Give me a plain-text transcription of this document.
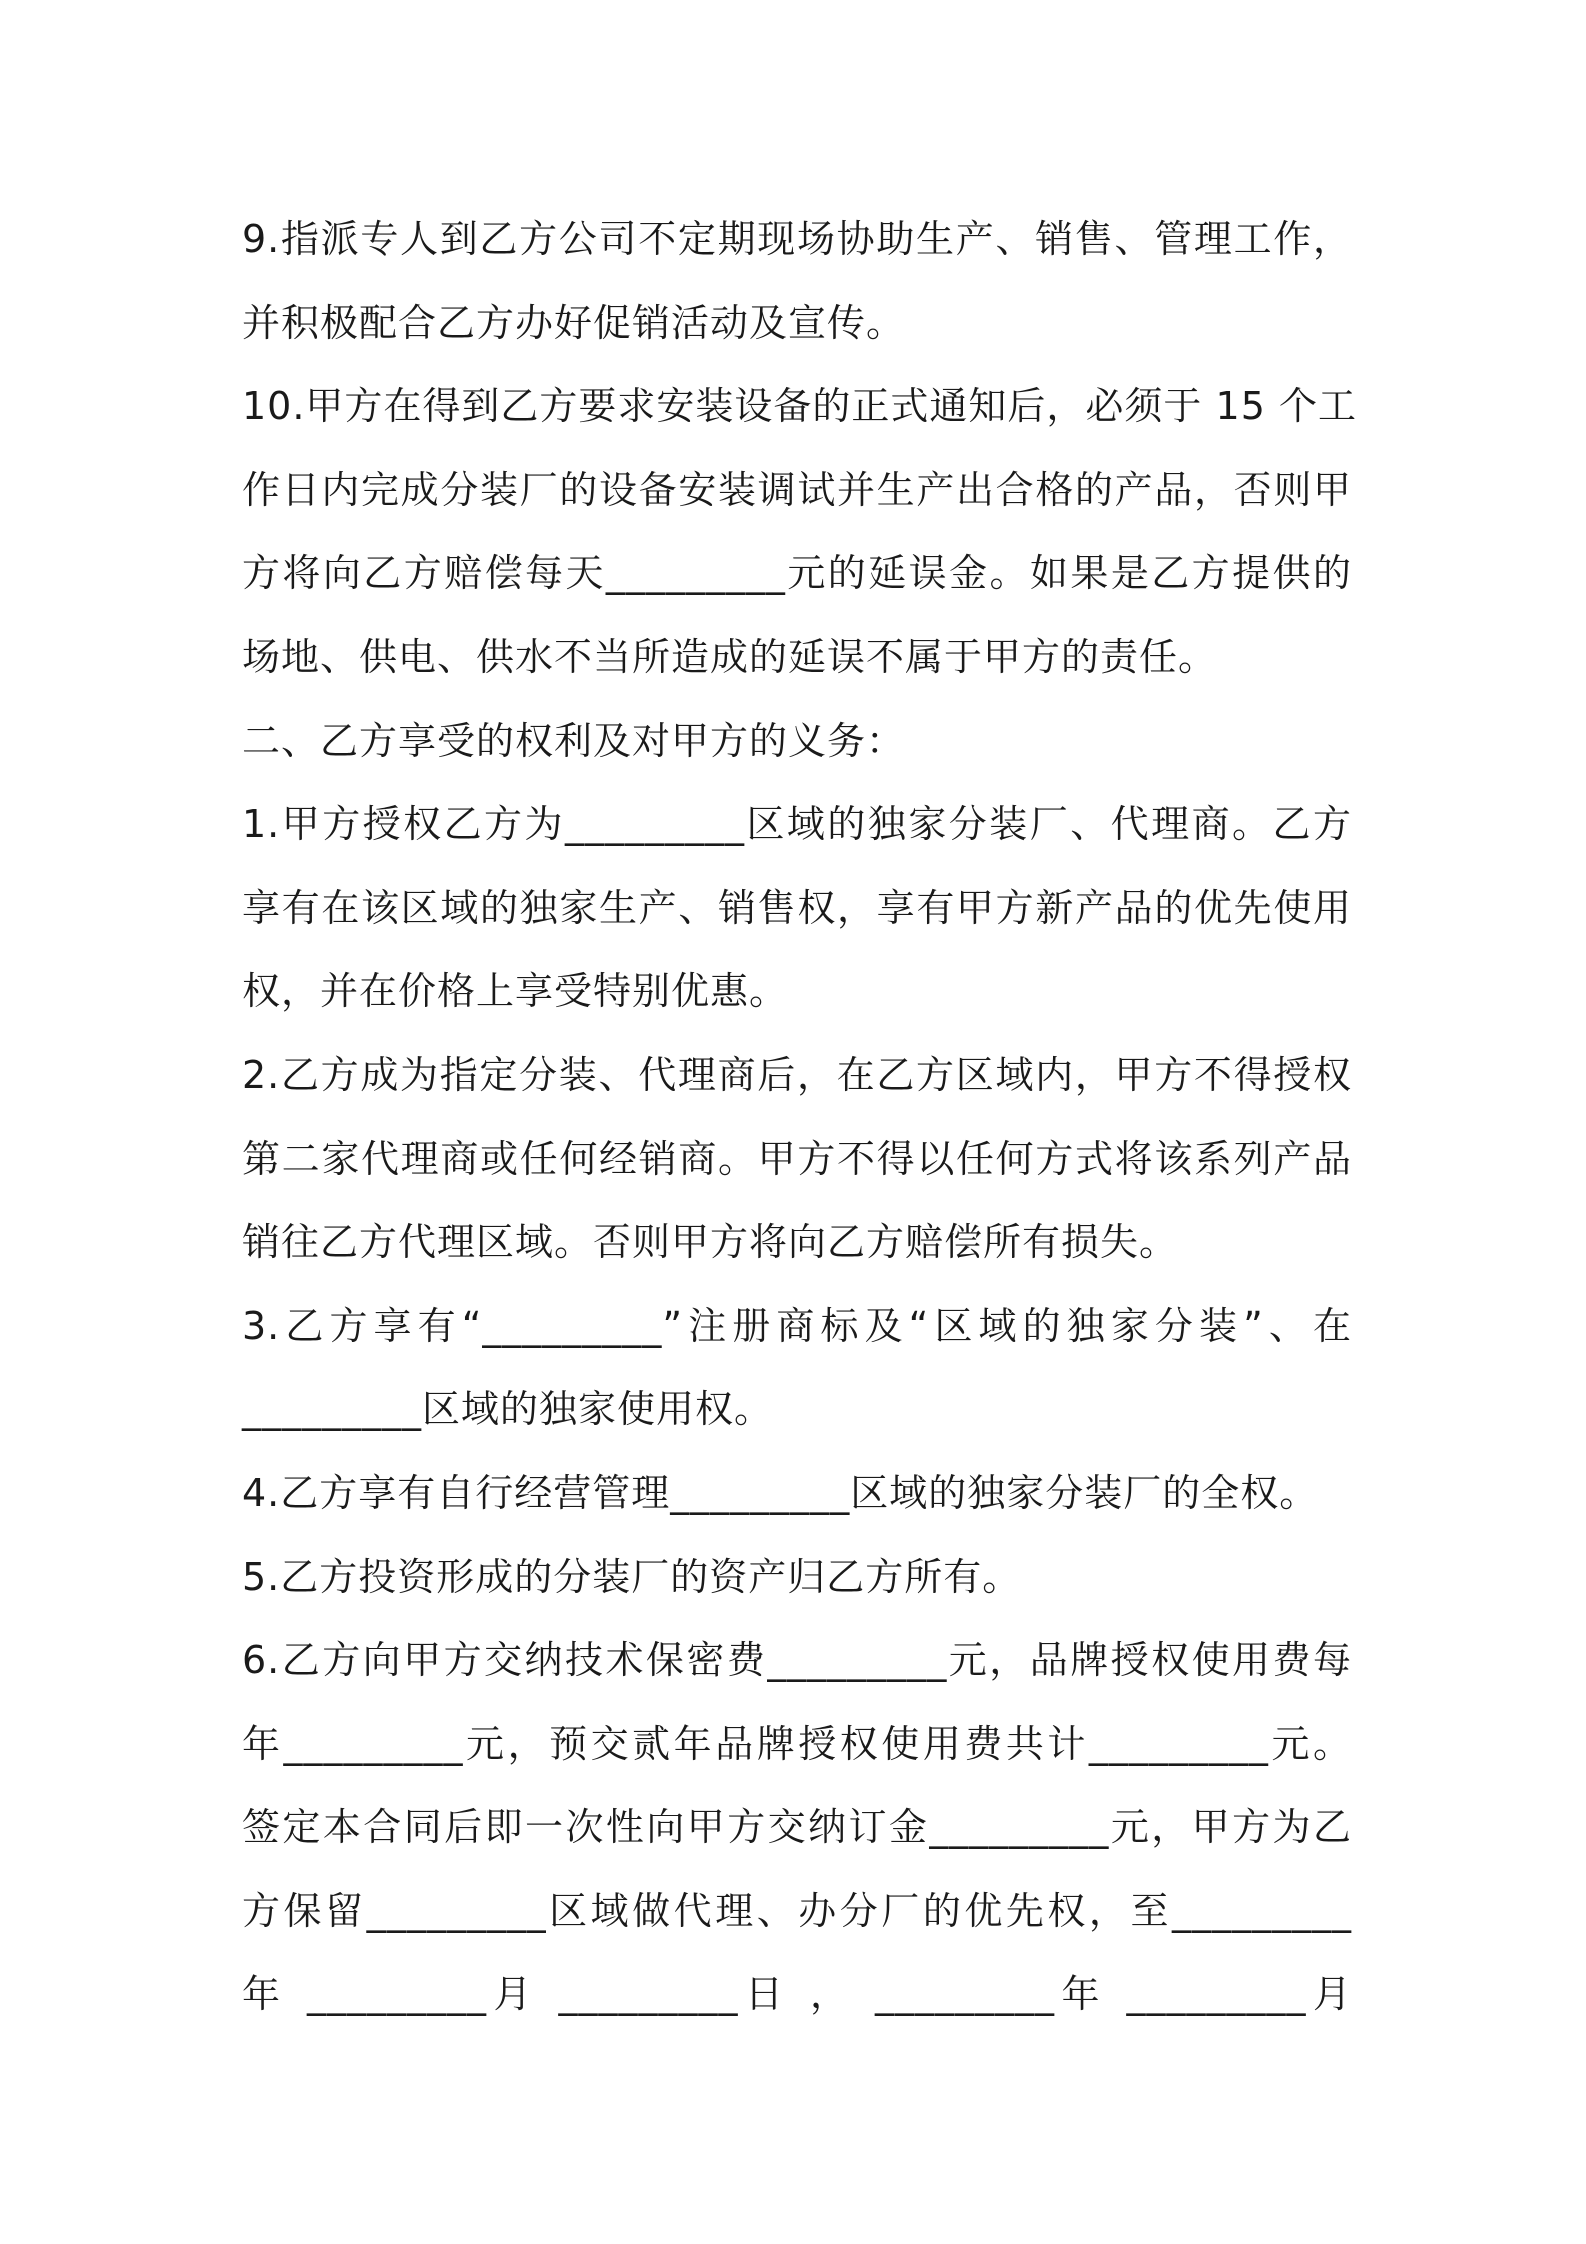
9.指派专人到乙方公司不定期现场协助生产、销售、管理工作，
并积极配合乙方办好促销活动及宣传。
10.甲方在得到乙方要求安装设备的正式通知后，必须于 15 个工
作日内完成分装厂的设备安装调试并生产出合格的产品，否则甲
方将向乙方赔偿每天_________元的延误金。如果是乙方提供的
场地、供电、供水不当所造成的延误不属于甲方的责任。
二、乙方享受的权利及对甲方的义务：
1.甲方授权乙方为_________区域的独家分装厂、代理商。乙方
享有在该区域的独家生产、销售权，享有甲方新产品的优先使用
权，并在价格上享受特别优惠。
2.乙方成为指定分装、代理商后，在乙方区域内，甲方不得授权
第二家代理商或任何经销商。甲方不得以任何方式将该系列产品
销往乙方代理区域。否则甲方将向乙方赔偿所有损失。
3.乙方享有“_________”注册商标及“区域的独家分装”、在
_________区域的独家使用权。
4.乙方享有自行经营管理_________区域的独家分装厂的全权。
5.乙方投资形成的分装厂的资产归乙方所有。
6.乙方向甲方交纳技术保密费_________元，品牌授权使用费每
年_________元，预交贰年品牌授权使用费共计_________元。
签定本合同后即一次性向甲方交纳订金_________元，甲方为乙
方保留_________区域做代理、办分厂的优先权，至_________
年 _________月 _________日 ， _________年 _________月
